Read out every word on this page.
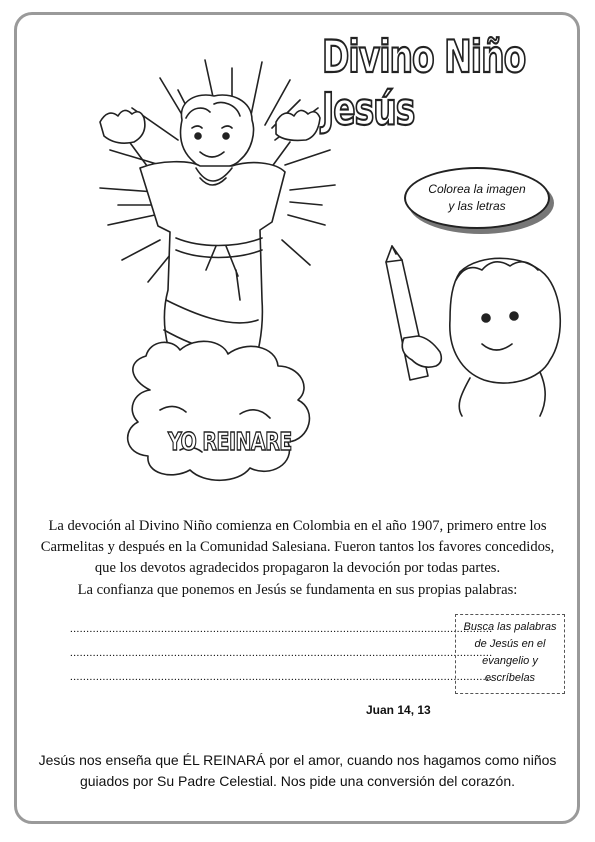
Divino Niño Jesús
Colorea la imagen
y las letras
YO REINARE

La devoción al Divino Niño comienza en Colombia en el año 1907, primero entre los

Carmelitas y después en la Comunidad Salesiana. Fueron tantos los favores concedidos,

que los devotos agradecidos propagaron la devoción por todas partes.

La confianza que ponemos en Jesús se fundamenta en sus propias palabras:
..................................................................................................................................
..................................................................................................................................
..................................................................................................................................
Busca las palabras
de Jesús en el
evangelio y
escríbelas
Juan 14, 13

Jesús nos enseña que ÉL REINARÁ por el amor, cuando nos hagamos como niños

guiados por Su Padre Celestial. Nos pide una conversión del corazón.
